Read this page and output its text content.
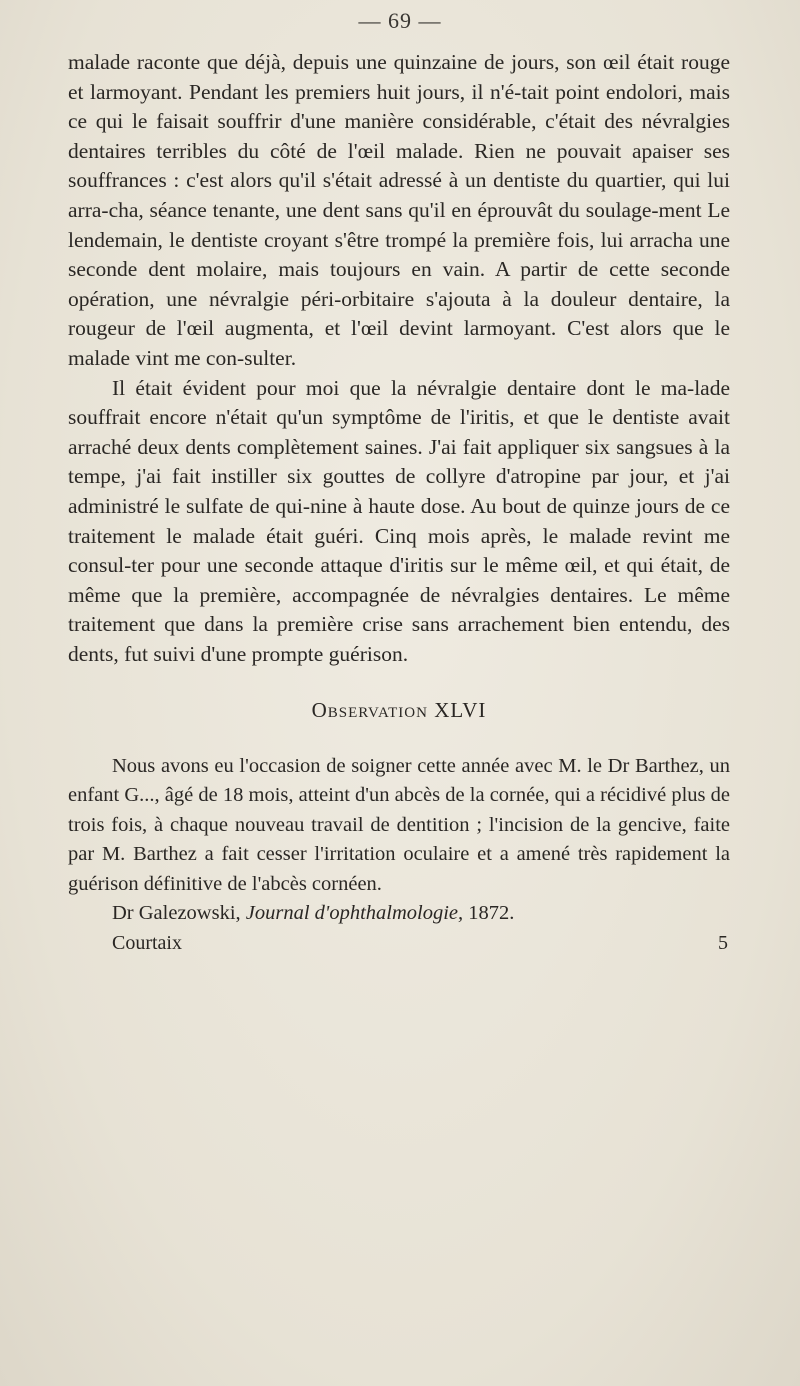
— 69 —

malade raconte que déjà, depuis une quinzaine de jours, son œil était rouge et larmoyant. Pendant les premiers huit jours, il n'é-tait point endolori, mais ce qui le faisait souffrir d'une manière considérable, c'était des névralgies dentaires terribles du côté de l'œil malade. Rien ne pouvait apaiser ses souffrances : c'est alors qu'il s'était adressé à un dentiste du quartier, qui lui arra-cha, séance tenante, une dent sans qu'il en éprouvât du soulage-ment Le lendemain, le dentiste croyant s'être trompé la première fois, lui arracha une seconde dent molaire, mais toujours en vain. A partir de cette seconde opération, une névralgie péri-orbitaire s'ajouta à la douleur dentaire, la rougeur de l'œil augmenta, et l'œil devint larmoyant. C'est alors que le malade vint me con-sulter.

Il était évident pour moi que la névralgie dentaire dont le ma-lade souffrait encore n'était qu'un symptôme de l'iritis, et que le dentiste avait arraché deux dents complètement saines. J'ai fait appliquer six sangsues à la tempe, j'ai fait instiller six gouttes de collyre d'atropine par jour, et j'ai administré le sulfate de qui-nine à haute dose. Au bout de quinze jours de ce traitement le malade était guéri. Cinq mois après, le malade revint me consul-ter pour une seconde attaque d'iritis sur le même œil, et qui était, de même que la première, accompagnée de névralgies dentaires. Le même traitement que dans la première crise sans arrachement bien entendu, des dents, fut suivi d'une prompte guérison.

Observation XLVI

Nous avons eu l'occasion de soigner cette année avec M. le Dr Barthez, un enfant G..., âgé de 18 mois, atteint d'un abcès de la cornée, qui a récidivé plus de trois fois, à chaque nouveau travail de dentition ; l'incision de la gencive, faite par M. Barthez a fait cesser l'irritation oculaire et a amené très rapidement la guérison définitive de l'abcès cornéen.

Dr Galezowski, Journal d'ophthalmologie, 1872.

Courtaix	5
